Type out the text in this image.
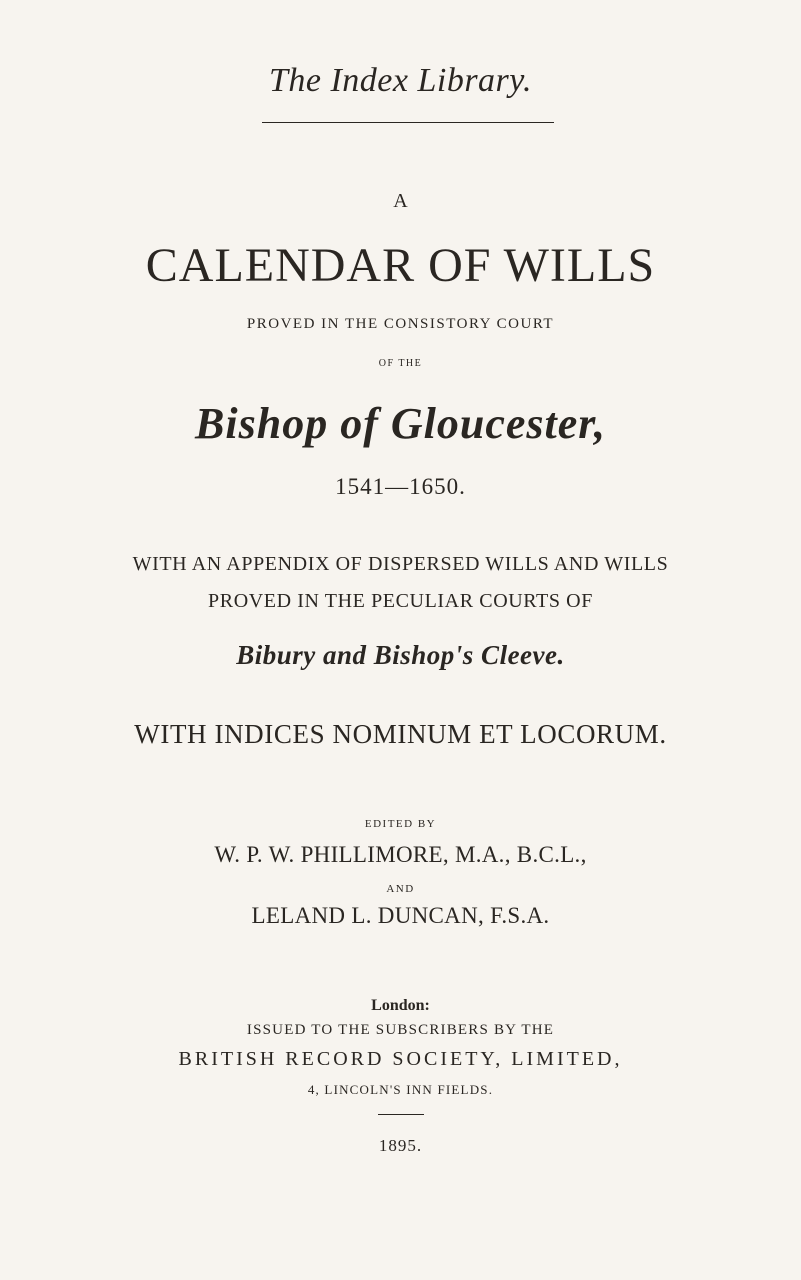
The Index Library.
A
CALENDAR OF WILLS
PROVED IN THE CONSISTORY COURT
OF THE
Bishop of Gloucester,
1541—1650.
WITH AN APPENDIX OF DISPERSED WILLS AND WILLS
PROVED IN THE PECULIAR COURTS OF
Bibury and Bishop's Cleeve.
WITH INDICES NOMINUM ET LOCORUM.
EDITED BY
W. P. W. PHILLIMORE, M.A., B.C.L.,
AND
LELAND L. DUNCAN, F.S.A.
London:
ISSUED TO THE SUBSCRIBERS BY THE
BRITISH RECORD SOCIETY, LIMITED,
4, LINCOLN'S INN FIELDS.
1895.
